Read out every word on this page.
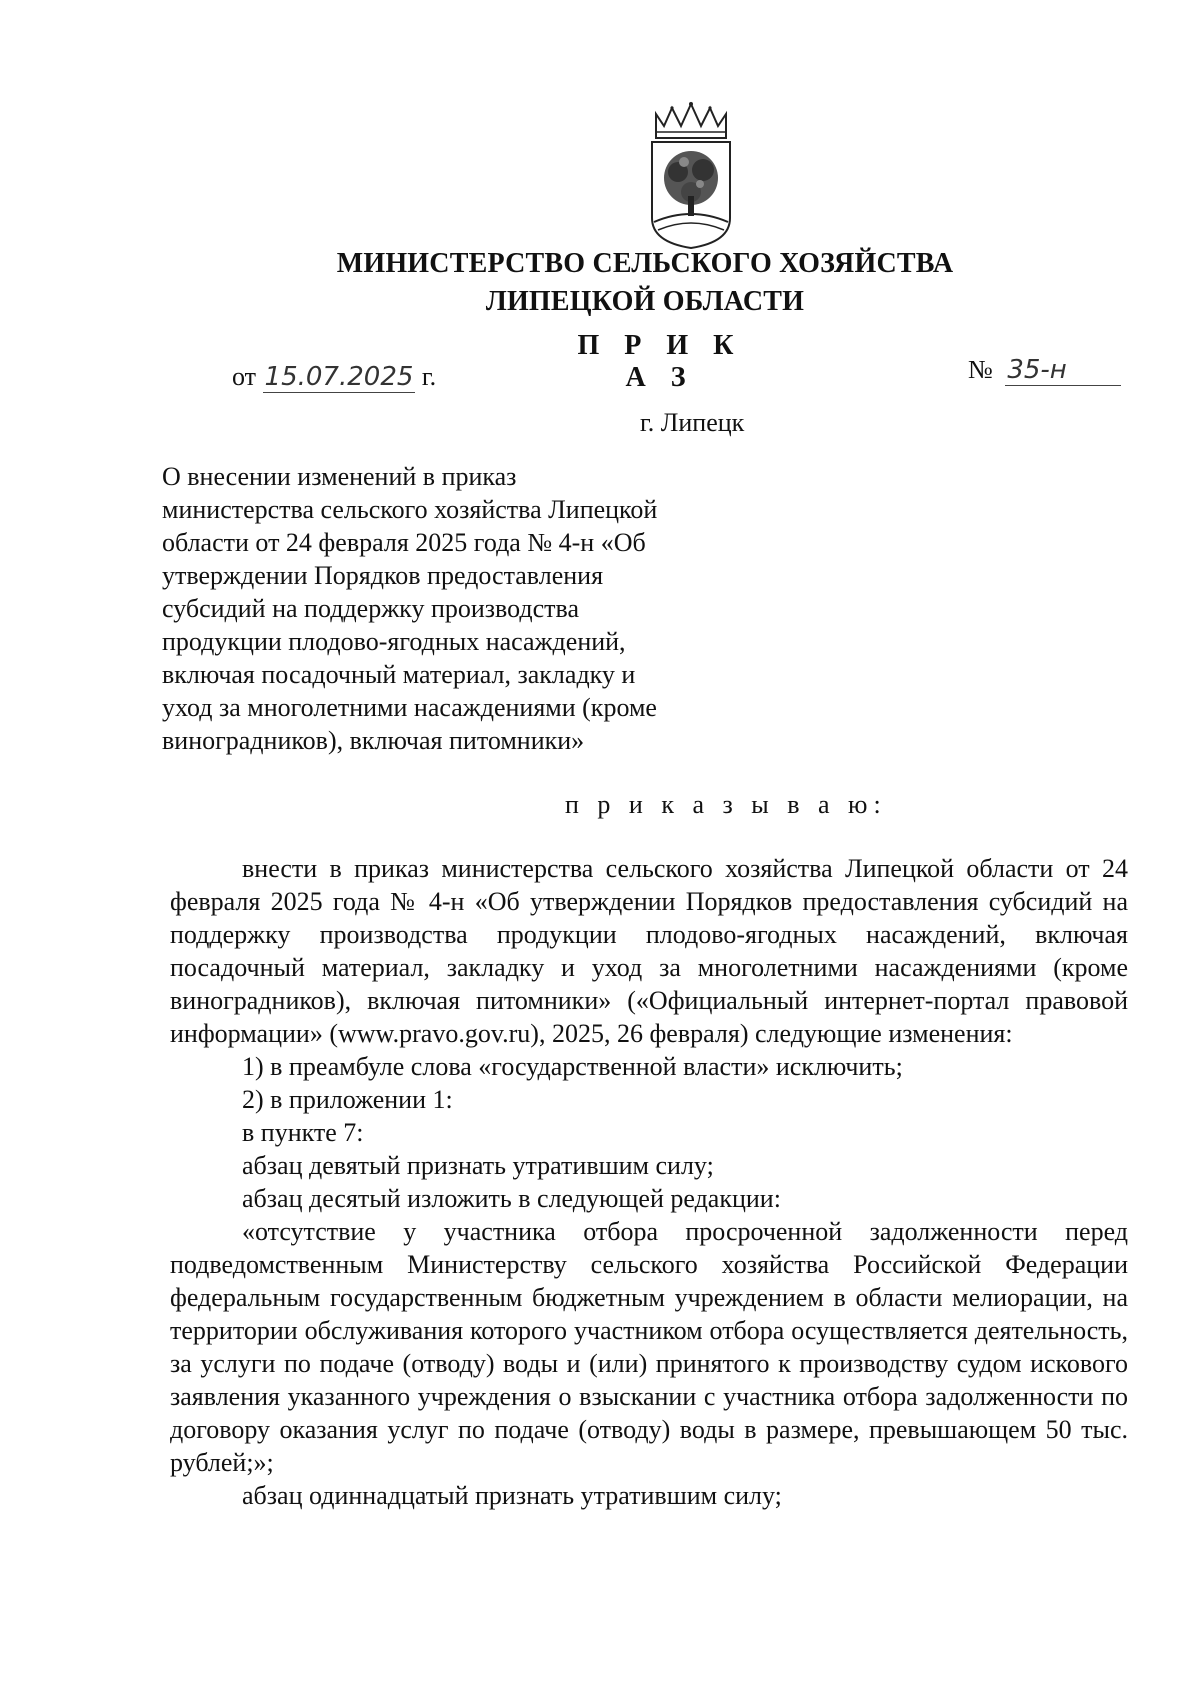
МИНИСТЕРСТВО СЕЛЬСКОГО ХОЗЯЙСТВА
ЛИПЕЦКОЙ ОБЛАСТИ
П Р И К А З
от 15.07.2025 г.	№ 35-н
г. Липецк
О внесении изменений в приказ
министерства сельского хозяйства Липецкой
области от 24 февраля 2025 года № 4-н «Об
утверждении Порядков предоставления
субсидий на поддержку производства
продукции плодово-ягодных насаждений,
включая посадочный материал, закладку и
уход за многолетними насаждениями (кроме
виноградников), включая питомники»
п р и к а з ы в а ю:

внести в приказ министерства сельского хозяйства Липецкой области от 24 февраля 2025 года № 4-н «Об утверждении Порядков предоставления субсидий на поддержку производства продукции плодово-ягодных насаждений, включая посадочный материал, закладку и уход за многолетними насаждениями (кроме виноградников), включая питомники» («Официальный интернет-портал правовой информации» (www.pravo.gov.ru), 2025, 26 февраля) следующие изменения:

1) в преамбуле слова «государственной власти» исключить;

2) в приложении 1:

в пункте 7:

абзац девятый признать утратившим силу;

абзац десятый изложить в следующей редакции:

«отсутствие у участника отбора просроченной задолженности перед подведомственным Министерству сельского хозяйства Российской Федерации федеральным государственным бюджетным учреждением в области мелиорации, на территории обслуживания которого участником отбора осуществляется деятельность, за услуги по подаче (отводу) воды и (или) принятого к производству судом искового заявления указанного учреждения о взыскании с участника отбора задолженности по договору оказания услуг по подаче (отводу) воды в размере, превышающем 50 тыс. рублей;»;

абзац одиннадцатый признать утратившим силу;
